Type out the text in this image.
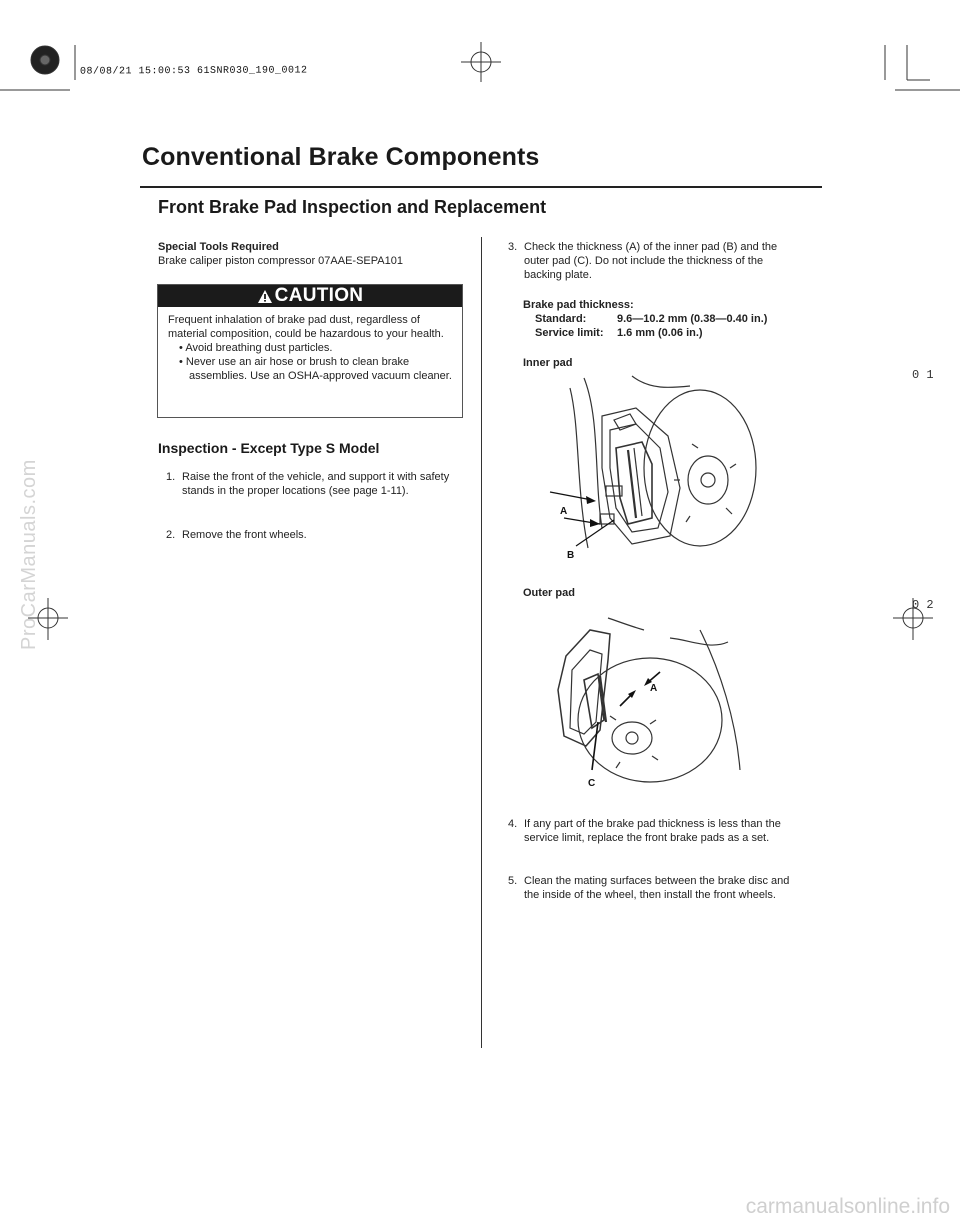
08/08/21 15:00:53 61SNR030_190_0012
ProCarManuals.com
carmanualsonline.info
0 1
0 2
Conventional Brake Components
Front Brake Pad Inspection and Replacement
Special Tools Required
Brake caliper piston compressor 07AAE-SEPA101
CAUTION
Frequent inhalation of brake pad dust, regardless of material composition, could be hazardous to your health.
• Avoid breathing dust particles.
• Never use an air hose or brush to clean brake assemblies. Use an OSHA-approved vacuum cleaner.
Inspection - Except Type S Model
1. Raise the front of the vehicle, and support it with safety stands in the proper locations (see page 1-11).
2. Remove the front wheels.
3. Check the thickness (A) of the inner pad (B) and the outer pad (C). Do not include the thickness of the backing plate.
Brake pad thickness:
Standard:	9.6—10.2 mm (0.38—0.40 in.)
Service limit:	1.6 mm (0.06 in.)
Inner pad
A
B
Outer pad
A
C
4. If any part of the brake pad thickness is less than the service limit, replace the front brake pads as a set.
5. Clean the mating surfaces between the brake disc and the inside of the wheel, then install the front wheels.
